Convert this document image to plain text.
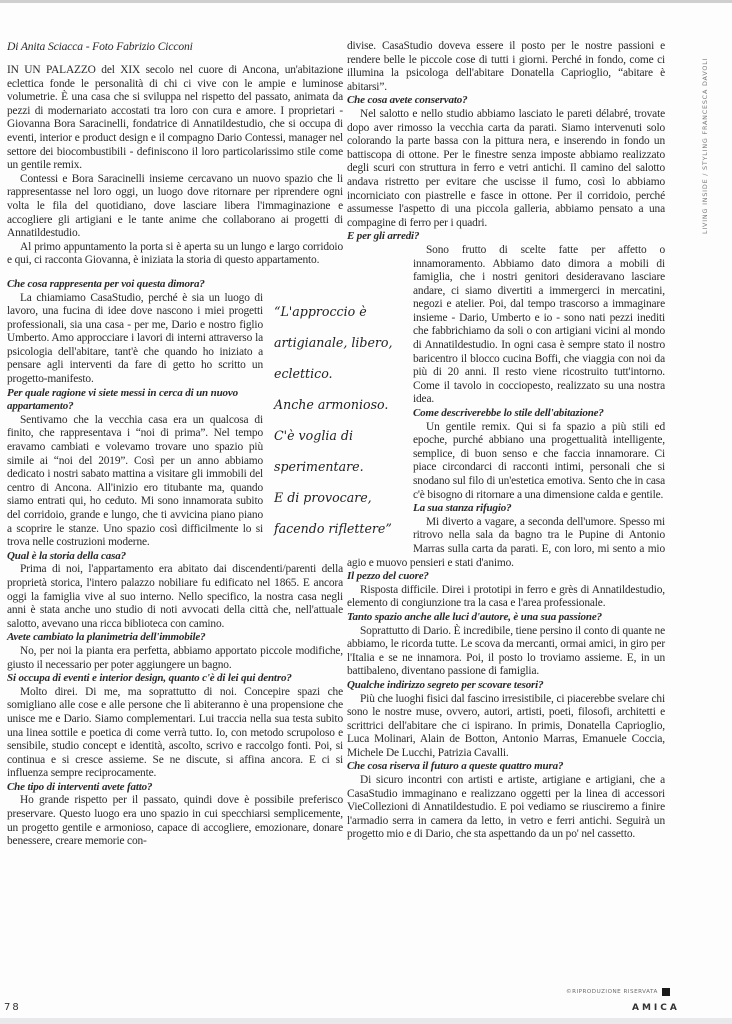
LIVING INSIDE / STYLING FRANCESCA DAVOLI
Di Anita Sciacca - Foto Fabrizio Cicconi

IN UN PALAZZO del XIX secolo nel cuore di Ancona, un'abitazione eclettica fonde le personalità di chi ci vive con le ampie e luminose volumetrie. È una casa che si sviluppa nel rispetto del passato, animata da pezzi di modernariato accostati tra loro con cura e amore. I proprietari - Giovanna Bora Saracinelli, fondatrice di Annatildestudio, che si occupa di eventi, interior e product design e il compagno Dario Contessi, manager nel settore dei biocombustibili - definiscono il loro particolarissimo stile come un gentile remix.

Contessi e Bora Saracinelli insieme cercavano un nuovo spazio che li rappresentasse nel loro oggi, un luogo dove ritornare per riprendere ogni volta le fila del quotidiano, dove lasciare libera l'immaginazione e accogliere gli artigiani e le tante anime che collaborano ai progetti di Annatildestudio.

Al primo appuntamento la porta si è aperta su un lungo e largo corridoio e qui, ci racconta Giovanna, è iniziata la storia di questo appartamento.

Che cosa rappresenta per voi questa dimora?

La chiamiamo CasaStudio, perché è sia un luogo di lavoro, una fucina di idee dove nascono i miei progetti professionali, sia una casa - per me, Dario e nostro figlio Umberto. Amo approcciare i lavori di interni attraverso la psicologia dell'abitare, tant'è che quando ho iniziato a pensare agli interventi da fare di getto ho scritto un progetto-manifesto.

Per quale ragione vi siete messi in cerca di un nuovo appartamento?

Sentivamo che la vecchia casa era un qualcosa di finito, che rappresentava i “noi di prima”. Nel tempo eravamo cambiati e volevamo trovare uno spazio più simile ai “noi del 2019”. Così per un anno abbiamo dedicato i nostri sabato mattina a visitare gli immobili del centro di Ancona. All'inizio ero titubante ma, quando siamo entrati qui, ho ceduto. Mi sono innamorata subito del corridoio, grande e lungo, che ti avvicina piano piano a scoprire le stanze. Uno spazio così difficilmente lo si trova nelle costruzioni moderne.

Qual è la storia della casa?

Prima di noi, l'appartamento era abitato dai discendenti/parenti della proprietà storica, l'intero palazzo nobiliare fu edificato nel 1865. E ancora oggi la famiglia vive al suo interno. Nello specifico, la nostra casa negli anni è stata anche uno studio di noti avvocati della città che, nell'attuale salotto, avevano una ricca biblioteca con camino.

Avete cambiato la planimetria dell'immobile?

No, per noi la pianta era perfetta, abbiamo apportato piccole modifiche, giusto il necessario per poter aggiungere un bagno.

Si occupa di eventi e interior design, quanto c'è di lei qui dentro?

Molto direi. Di me, ma soprattutto di noi. Concepire spazi che somigliano alle cose e alle persone che lì abiteranno è una propensione che unisce me e Dario. Siamo complementari. Lui traccia nella sua testa subito una linea sottile e poetica di come verrà tutto. Io, con metodo scrupoloso e sensibile, studio concept e identità, ascolto, scrivo e raccolgo fonti. Poi, si continua e si cresce assieme. Se ne discute, si affina ancora. E ci si influenza sempre reciprocamente.

Che tipo di interventi avete fatto?

Ho grande rispetto per il passato, quindi dove è possibile preferisco preservare. Questo luogo era uno spazio in cui specchiarsi semplicemente, un progetto gentile e armonioso, capace di accogliere, emozionare, donare benessere, creare memorie con-

“L'approccio è
artigianale, libero,
eclettico.
Anche armonioso.
C'è voglia di
sperimentare.
E di provocare,
facendo riflettere”

divise. CasaStudio doveva essere il posto per le nostre passioni e rendere belle le piccole cose di tutti i giorni. Perché in fondo, come ci illumina la psicologa dell'abitare Donatella Caprioglio, “abitare è abitarsi”.

Che cosa avete conservato?

Nel salotto e nello studio abbiamo lasciato le pareti délabré, trovate dopo aver rimosso la vecchia carta da parati. Siamo intervenuti solo colorando la parte bassa con la pittura nera, e inserendo in fondo un battiscopa di ottone. Per le finestre senza imposte abbiamo realizzato degli scuri con struttura in ferro e vetri antichi. Il camino del salotto andava ristretto per evitare che uscisse il fumo, così lo abbiamo incorniciato con piastrelle e fasce in ottone. Per il corridoio, perché assumesse l'aspetto di una piccola galleria, abbiamo pensato a una compagine di ferro per i quadri.

E per gli arredi?

Sono frutto di scelte fatte per affetto o innamoramento. Abbiamo dato dimora a mobili di famiglia, che i nostri genitori desideravano lasciare andare, ci siamo divertiti a immergerci in mercatini, negozi e atelier. Poi, dal tempo trascorso a immaginare insieme - Dario, Umberto e io - sono nati pezzi inediti che fabbrichiamo da soli o con artigiani vicini al mondo di Annatildestudio. In ogni casa è sempre stato il nostro baricentro il blocco cucina Boffi, che viaggia con noi da più di 20 anni. Il resto viene ricostruito tutt'intorno. Come il tavolo in cocciopesto, realizzato su una nostra idea.

Come descriverebbe lo stile dell'abitazione?

Un gentile remix. Qui si fa spazio a più stili ed epoche, purché abbiano una progettualità intelligente, semplice, di buon senso e che faccia innamorare. Ci piace circondarci di racconti intimi, personali che si snodano sul filo di un'estetica emotiva. Sento che in casa c'è bisogno di ritornare a una dimensione calda e gentile.

La sua stanza rifugio?

Mi diverto a vagare, a seconda dell'umore. Spesso mi ritrovo nella sala da bagno tra le Pupine di Antonio Marras sulla carta da parati. E, con loro, mi sento a mio agio e muovo pensieri e stati d'animo.

Il pezzo del cuore?

Risposta difficile. Direi i prototipi in ferro e grès di Annatildestudio, elemento di congiunzione tra la casa e l'area professionale.

Tanto spazio anche alle luci d'autore, è una sua passione?

Soprattutto di Dario. È incredibile, tiene persino il conto di quante ne abbiamo, le ricorda tutte. Le scova da mercanti, ormai amici, in giro per l'Italia e se ne innamora. Poi, il posto lo troviamo assieme. E, in un battibaleno, diventano passione di famiglia.

Qualche indirizzo segreto per scovare tesori?

Più che luoghi fisici dal fascino irresistibile, ci piacerebbe svelare chi sono le nostre muse, ovvero, autori, artisti, poeti, filosofi, architetti e scrittrici dell'abitare che ci ispirano. In primis, Donatella Caprioglio, Luca Molinari, Alain de Botton, Antonio Marras, Emanuele Coccia, Michele De Lucchi, Patrizia Cavalli.

Che cosa riserva il futuro a queste quattro mura?

Di sicuro incontri con artisti e artiste, artigiane e artigiani, che a CasaStudio immaginano e realizzano oggetti per la linea di accessori VieCollezioni di Annatildestudio. E poi vediamo se riusciremo a finire l'armadio serra in camera da letto, in vetro e ferri antichi. Seguirà un progetto mio e di Dario, che sta aspettando da un po' nel cassetto.

©RIPRODUZIONE RISERVATA
78	AMICA
